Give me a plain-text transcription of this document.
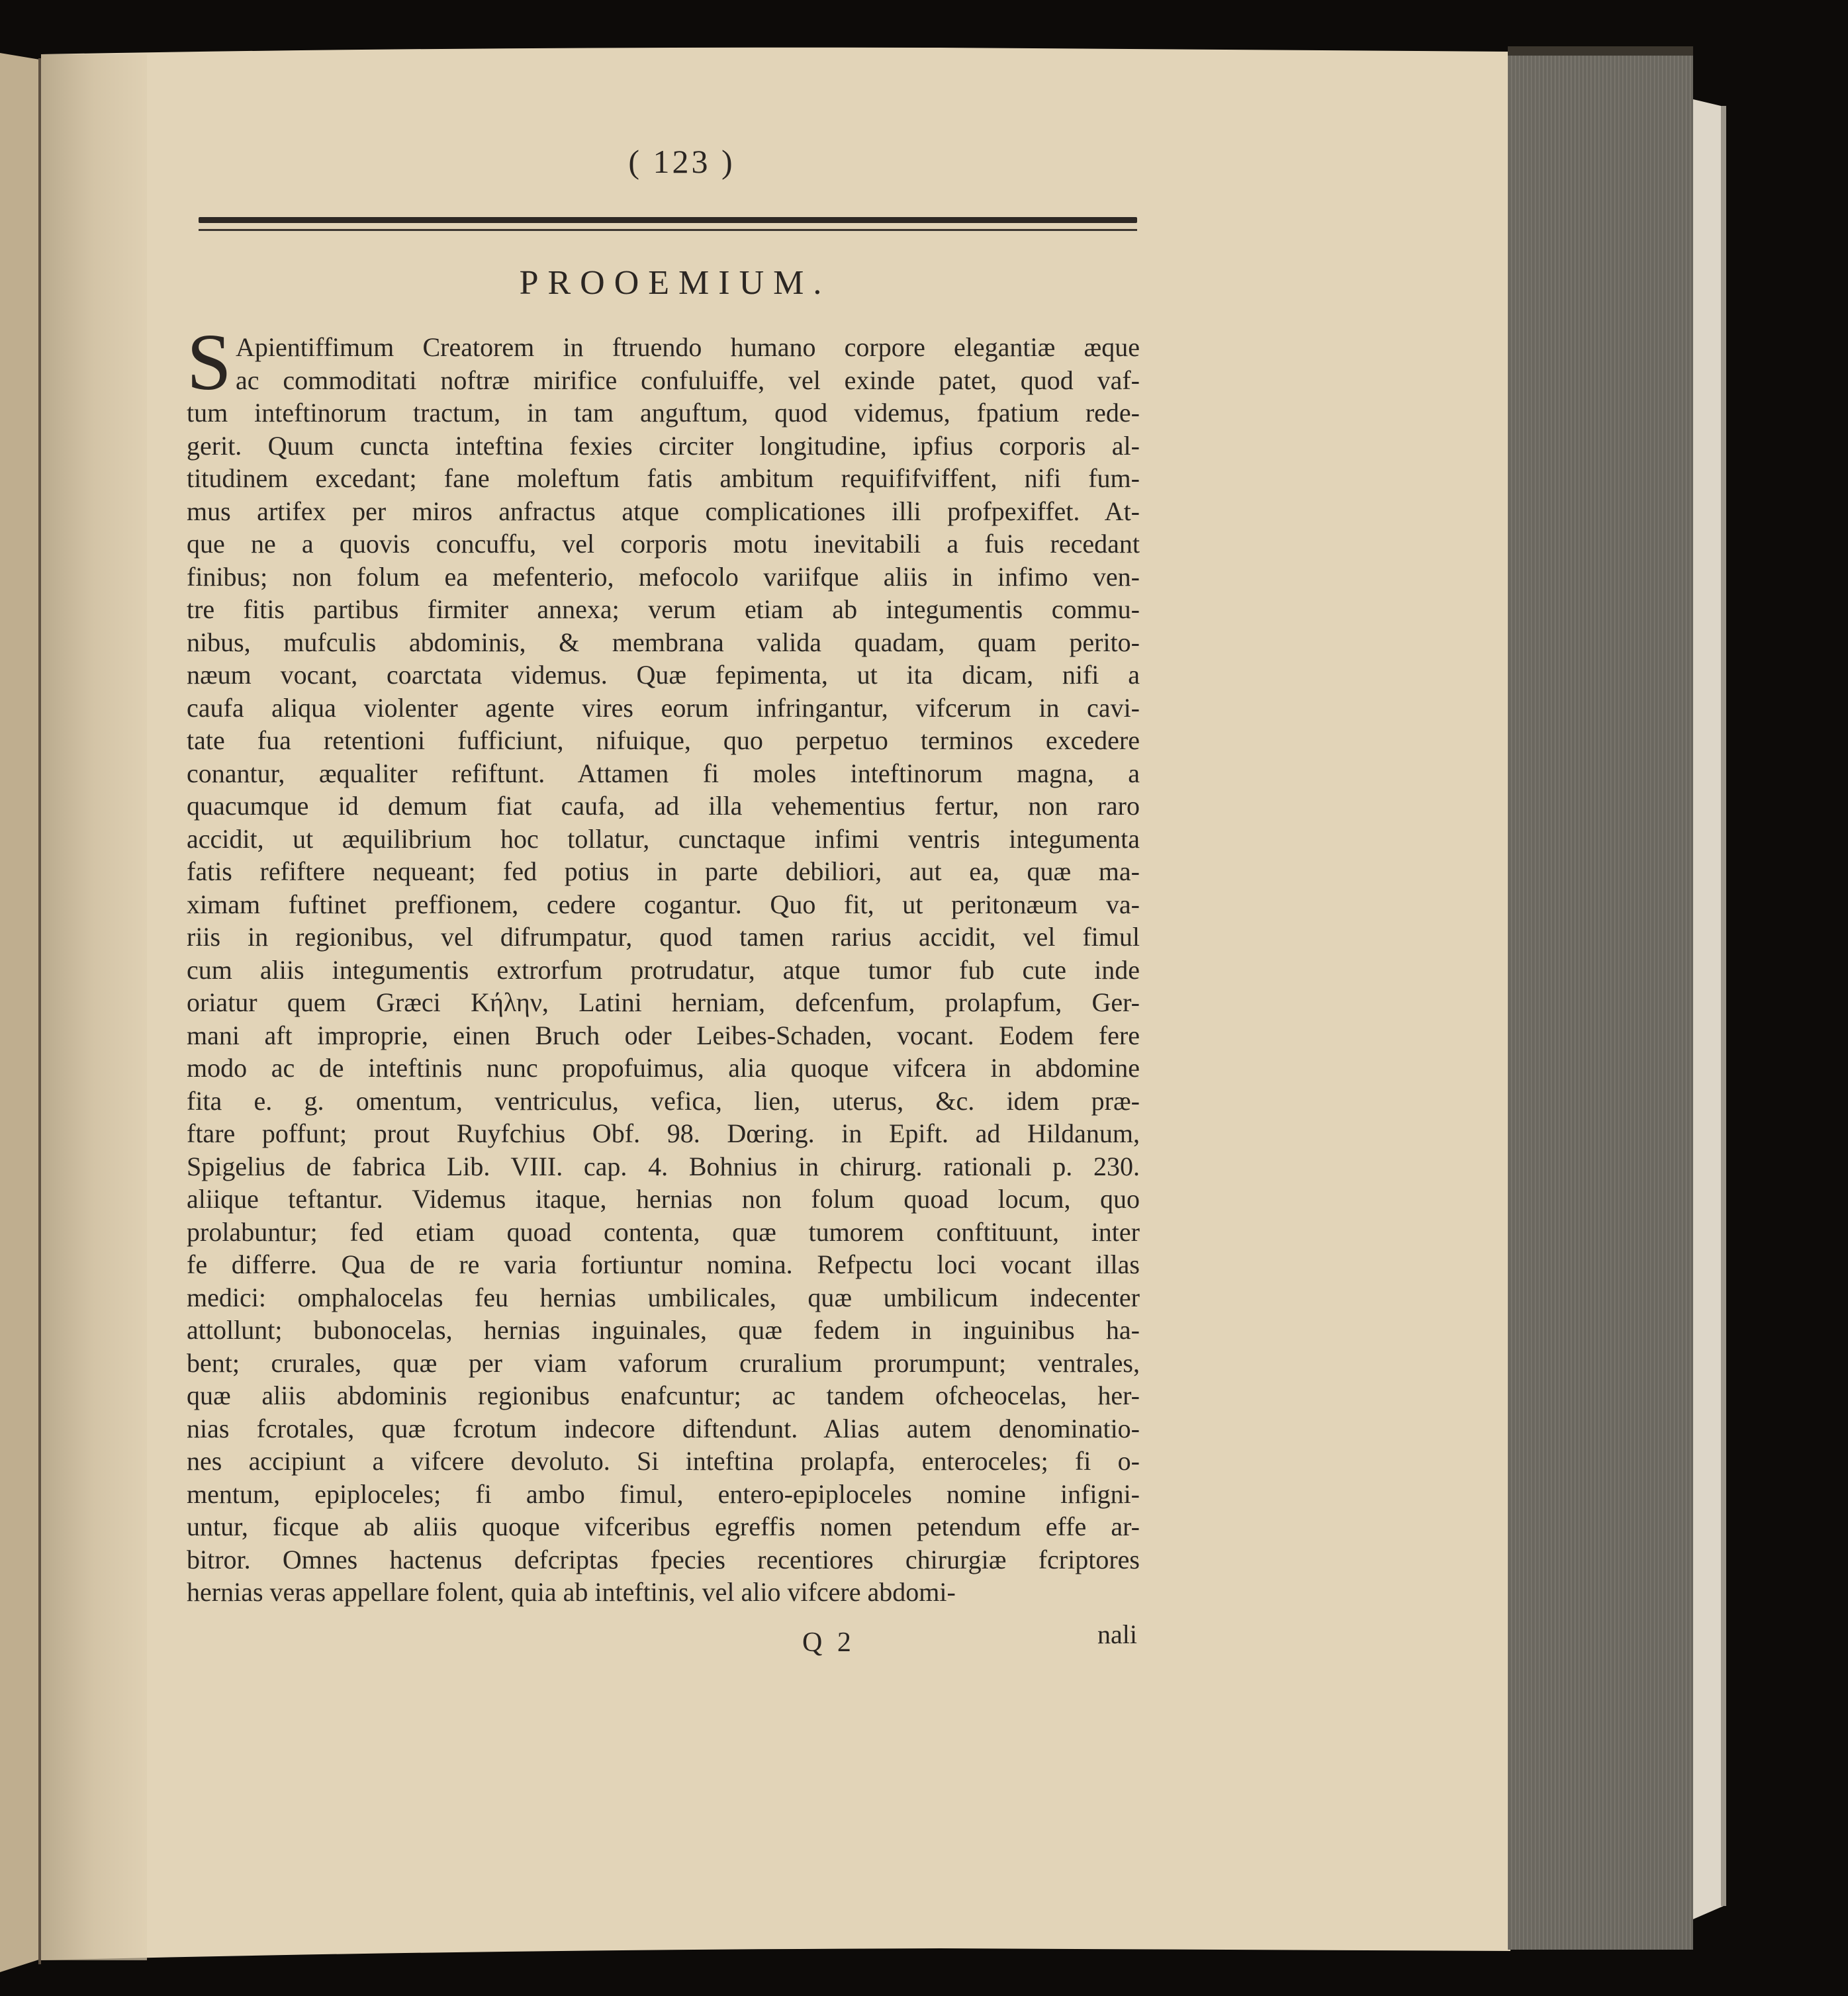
( 123 )
PROOEMIUM.
S Apientiffimum Creatorem in ftruendo humano corpore elegantiæ æque
ac commoditati noftræ mirifice confuluiffe, vel exinde patet, quod vaf-
tum inteftinorum tractum, in tam anguftum, quod videmus, fpatium rede-
gerit. Quum cuncta inteftina fexies circiter longitudine, ipfius corporis al-
titudinem excedant; fane moleftum fatis ambitum requififviffent, nifi fum-
mus artifex per miros anfractus atque complicationes illi profpexiffet. At-
que ne a quovis concuffu, vel corporis motu inevitabili a fuis recedant
finibus; non folum ea mefenterio, mefocolo variifque aliis in infimo ven-
tre fitis partibus firmiter annexa; verum etiam ab integumentis commu-
nibus, mufculis abdominis, & membrana valida quadam, quam perito-
næum vocant, coarctata videmus. Quæ fepimenta, ut ita dicam, nifi a
caufa aliqua violenter agente vires eorum infringantur, vifcerum in cavi-
tate fua retentioni fufficiunt, nifuique, quo perpetuo terminos excedere
conantur, æqualiter refiftunt. Attamen fi moles inteftinorum magna, a
quacumque id demum fiat caufa, ad illa vehementius fertur, non raro
accidit, ut æquilibrium hoc tollatur, cunctaque infimi ventris integumenta
fatis refiftere nequeant; fed potius in parte debiliori, aut ea, quæ ma-
ximam fuftinet preffionem, cedere cogantur. Quo fit, ut peritonæum va-
riis in regionibus, vel difrumpatur, quod tamen rarius accidit, vel fimul
cum aliis integumentis extrorfum protrudatur, atque tumor fub cute inde
oriatur quem Græci Κήλην, Latini herniam, defcenfum, prolapfum, Ger-
mani aft improprie, einen Bruch oder Leibes-Schaden, vocant. Eodem fere
modo ac de inteftinis nunc propofuimus, alia quoque vifcera in abdomine
fita e. g. omentum, ventriculus, vefica, lien, uterus, &c. idem præ-
ftare poffunt; prout Ruyfchius Obf. 98. Dœring. in Epift. ad Hildanum,
Spigelius de fabrica Lib. VIII. cap. 4. Bohnius in chirurg. rationali p. 230.
aliique teftantur. Videmus itaque, hernias non folum quoad locum, quo
prolabuntur; fed etiam quoad contenta, quæ tumorem conftituunt, inter
fe differre. Qua de re varia fortiuntur nomina. Refpectu loci vocant illas
medici: omphalocelas feu hernias umbilicales, quæ umbilicum indecenter
attollunt; bubonocelas, hernias inguinales, quæ fedem in inguinibus ha-
bent; crurales, quæ per viam vaforum cruralium prorumpunt; ventrales,
quæ aliis abdominis regionibus enafcuntur; ac tandem ofcheocelas, her-
nias fcrotales, quæ fcrotum indecore diftendunt. Alias autem denominatio-
nes accipiunt a vifcere devoluto. Si inteftina prolapfa, enteroceles; fi o-
mentum, epiploceles; fi ambo fimul, entero-epiploceles nomine infigni-
untur, ficque ab aliis quoque vifceribus egreffis nomen petendum effe ar-
bitror. Omnes hactenus defcriptas fpecies recentiores chirurgiæ fcriptores
hernias veras appellare folent, quia ab inteftinis, vel alio vifcere abdomi-
Q 2	nali
